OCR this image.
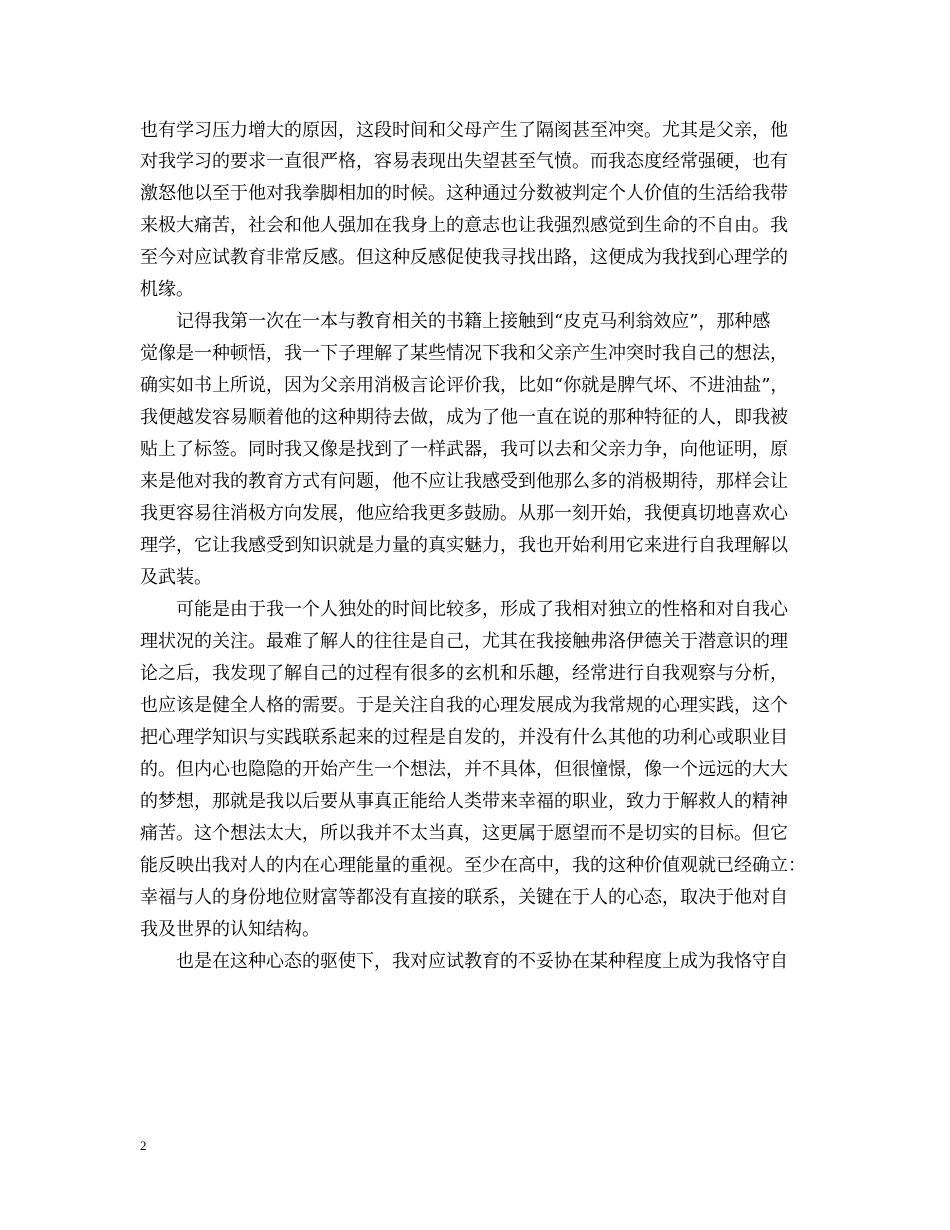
也有学习压力增大的原因，这段时间和父母产生了隔阂甚至冲突。尤其是父亲，他
对我学习的要求一直很严格，容易表现出失望甚至气愤。而我态度经常强硬，也有
激怒他以至于他对我拳脚相加的时候。这种通过分数被判定个人价值的生活给我带
来极大痛苦，社会和他人强加在我身上的意志也让我强烈感觉到生命的不自由。我
至今对应试教育非常反感。但这种反感促使我寻找出路，这便成为我找到心理学的
机缘。
　　记得我第一次在一本与教育相关的书籍上接触到“皮克马利翁效应”，那种感
觉像是一种顿悟，我一下子理解了某些情况下我和父亲产生冲突时我自己的想法，
确实如书上所说，因为父亲用消极言论评价我，比如“你就是脾气坏、不进油盐”，
我便越发容易顺着他的这种期待去做，成为了他一直在说的那种特征的人，即我被
贴上了标签。同时我又像是找到了一样武器，我可以去和父亲力争，向他证明，原
来是他对我的教育方式有问题，他不应让我感受到他那么多的消极期待，那样会让
我更容易往消极方向发展，他应给我更多鼓励。从那一刻开始，我便真切地喜欢心
理学，它让我感受到知识就是力量的真实魅力，我也开始利用它来进行自我理解以
及武装。
　　可能是由于我一个人独处的时间比较多，形成了我相对独立的性格和对自我心
理状况的关注。最难了解人的往往是自己，尤其在我接触弗洛伊德关于潜意识的理
论之后，我发现了解自己的过程有很多的玄机和乐趣，经常进行自我观察与分析，
也应该是健全人格的需要。于是关注自我的心理发展成为我常规的心理实践，这个
把心理学知识与实践联系起来的过程是自发的，并没有什么其他的功利心或职业目
的。但内心也隐隐的开始产生一个想法，并不具体，但很憧憬，像一个远远的大大
的梦想，那就是我以后要从事真正能给人类带来幸福的职业，致力于解救人的精神
痛苦。这个想法太大，所以我并不太当真，这更属于愿望而不是切实的目标。但它
能反映出我对人的内在心理能量的重视。至少在高中，我的这种价值观就已经确立：
幸福与人的身份地位财富等都没有直接的联系，关键在于人的心态，取决于他对自
我及世界的认知结构。
　　也是在这种心态的驱使下，我对应试教育的不妥协在某种程度上成为我恪守自
2
